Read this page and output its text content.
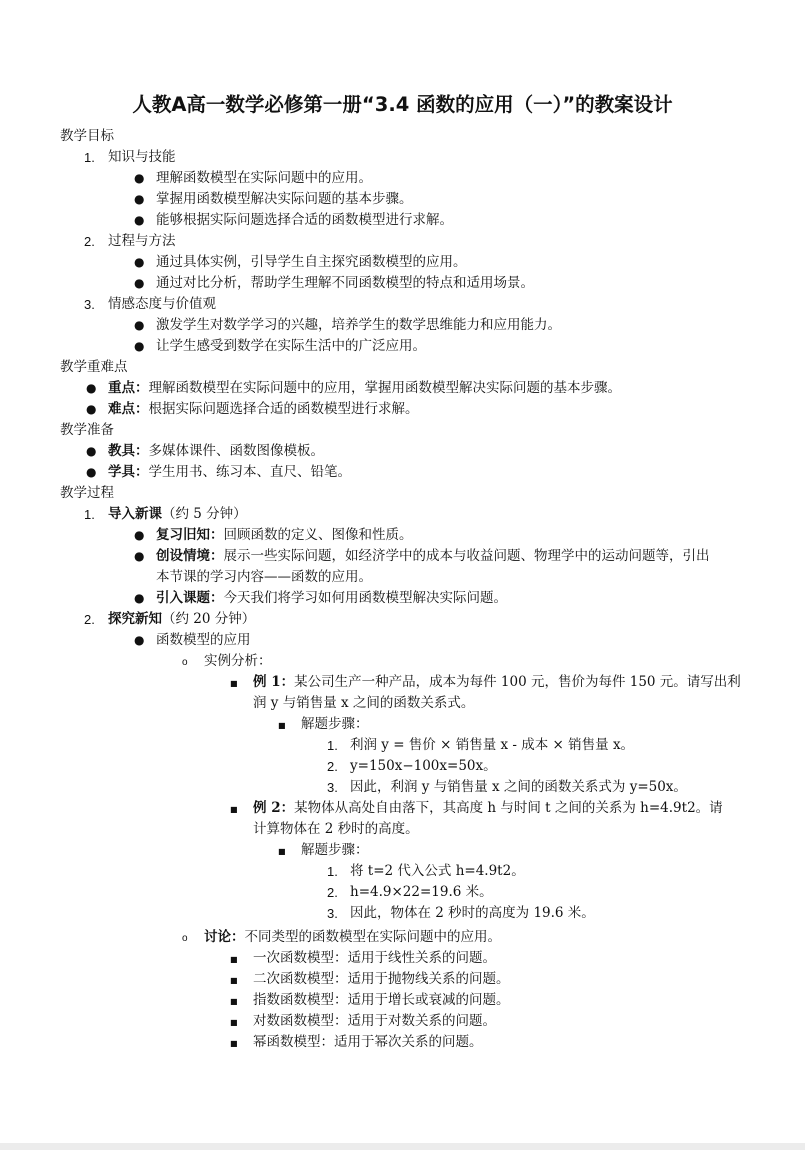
人教A高一数学必修第一册“3.4 函数的应用（一）”的教案设计
教学目标
1. 知识与技能
● 理解函数模型在实际问题中的应用。
● 掌握用函数模型解决实际问题的基本步骤。
● 能够根据实际问题选择合适的函数模型进行求解。
2. 过程与方法
● 通过具体实例，引导学生自主探究函数模型的应用。
● 通过对比分析，帮助学生理解不同函数模型的特点和适用场景。
3. 情感态度与价值观
● 激发学生对数学学习的兴趣，培养学生的数学思维能力和应用能力。
● 让学生感受到数学在实际生活中的广泛应用。
教学重难点
● 重点：理解函数模型在实际问题中的应用，掌握用函数模型解决实际问题的基本步骤。
● 难点：根据实际问题选择合适的函数模型进行求解。
教学准备
● 教具：多媒体课件、函数图像模板。
● 学具：学生用书、练习本、直尺、铅笔。
教学过程
1. 导入新课（约 5 分钟）
● 复习旧知：回顾函数的定义、图像和性质。
● 创设情境：展示一些实际问题，如经济学中的成本与收益问题、物理学中的运动问题等，引出
本节课的学习内容——函数的应用。
● 引入课题：今天我们将学习如何用函数模型解决实际问题。
2. 探究新知（约 20 分钟）
● 函数模型的应用
o 实例分析：
■ 例 1：某公司生产一种产品，成本为每件 100 元，售价为每件 150 元。请写出利
润 y 与销售量 x 之间的函数关系式。
■ 解题步骤：
1. 利润 y = 售价 × 销售量 x - 成本 × 销售量 x。
2. y=150x−100x=50x。
3. 因此，利润 y 与销售量 x 之间的函数关系式为 y=50x。
■ 例 2：某物体从高处自由落下，其高度 h 与时间 t 之间的关系为 h=4.9t2。请
计算物体在 2 秒时的高度。
■ 解题步骤：
1. 将 t=2 代入公式 h=4.9t2。
2. h=4.9×22=19.6 米。
3. 因此，物体在 2 秒时的高度为 19.6 米。
o 讨论：不同类型的函数模型在实际问题中的应用。
■ 一次函数模型：适用于线性关系的问题。
■ 二次函数模型：适用于抛物线关系的问题。
■ 指数函数模型：适用于增长或衰减的问题。
■ 对数函数模型：适用于对数关系的问题。
■ 幂函数模型：适用于幂次关系的问题。
